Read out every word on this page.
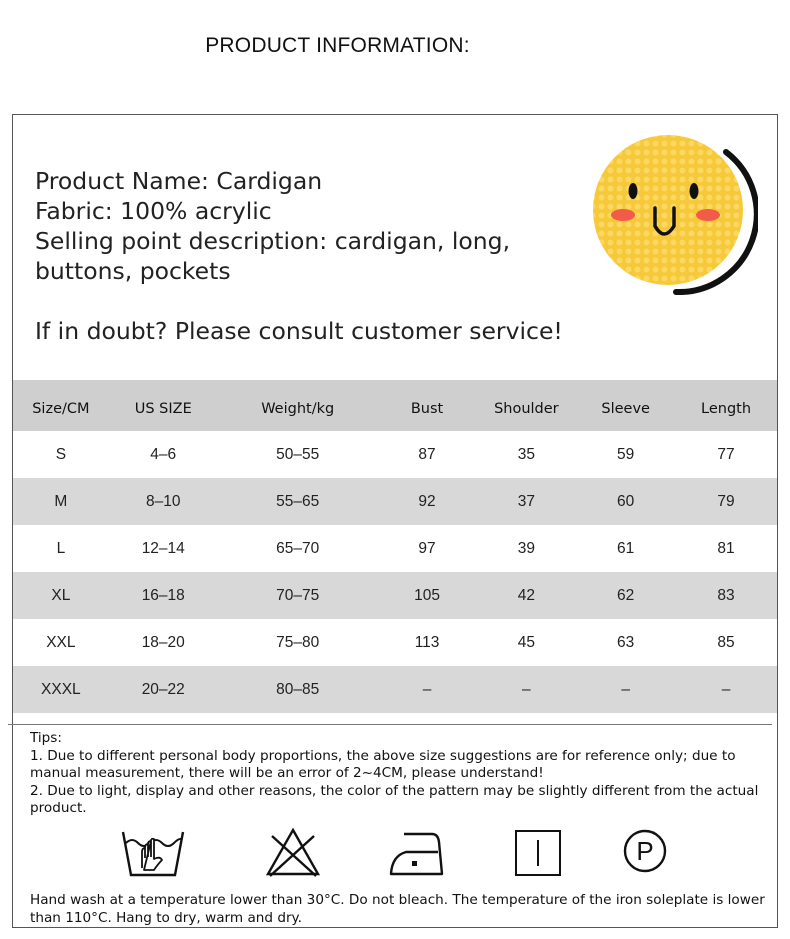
PRODUCT INFORMATION:
Product Name: Cardigan
Fabric: 100% acrylic
Selling point description: cardigan, long,
buttons, pockets
If in doubt? Please consult customer service!
Size/CM	US SIZE	Weight/kg	Bust	Shoulder	Sleeve	Length
S	4–6	50–55	87	35	59	77
M	8–10	55–65	92	37	60	79
L	12–14	65–70	97	39	61	81
XL	16–18	70–75	105	42	62	83
XXL	18–20	75–80	113	45	63	85
XXXL	20–22	80–85	–	–	–	–
Tips:
1. Due to different personal body proportions, the above size suggestions are for reference only; due to manual measurement, there will be an error of 2~4CM, please understand!
2. Due to light, display and other reasons, the color of the pattern may be slightly different from the actual product.
P
Hand wash at a temperature lower than 30°C. Do not bleach. The temperature of the iron soleplate is lower than 110°C. Hang to dry, warm and dry.
